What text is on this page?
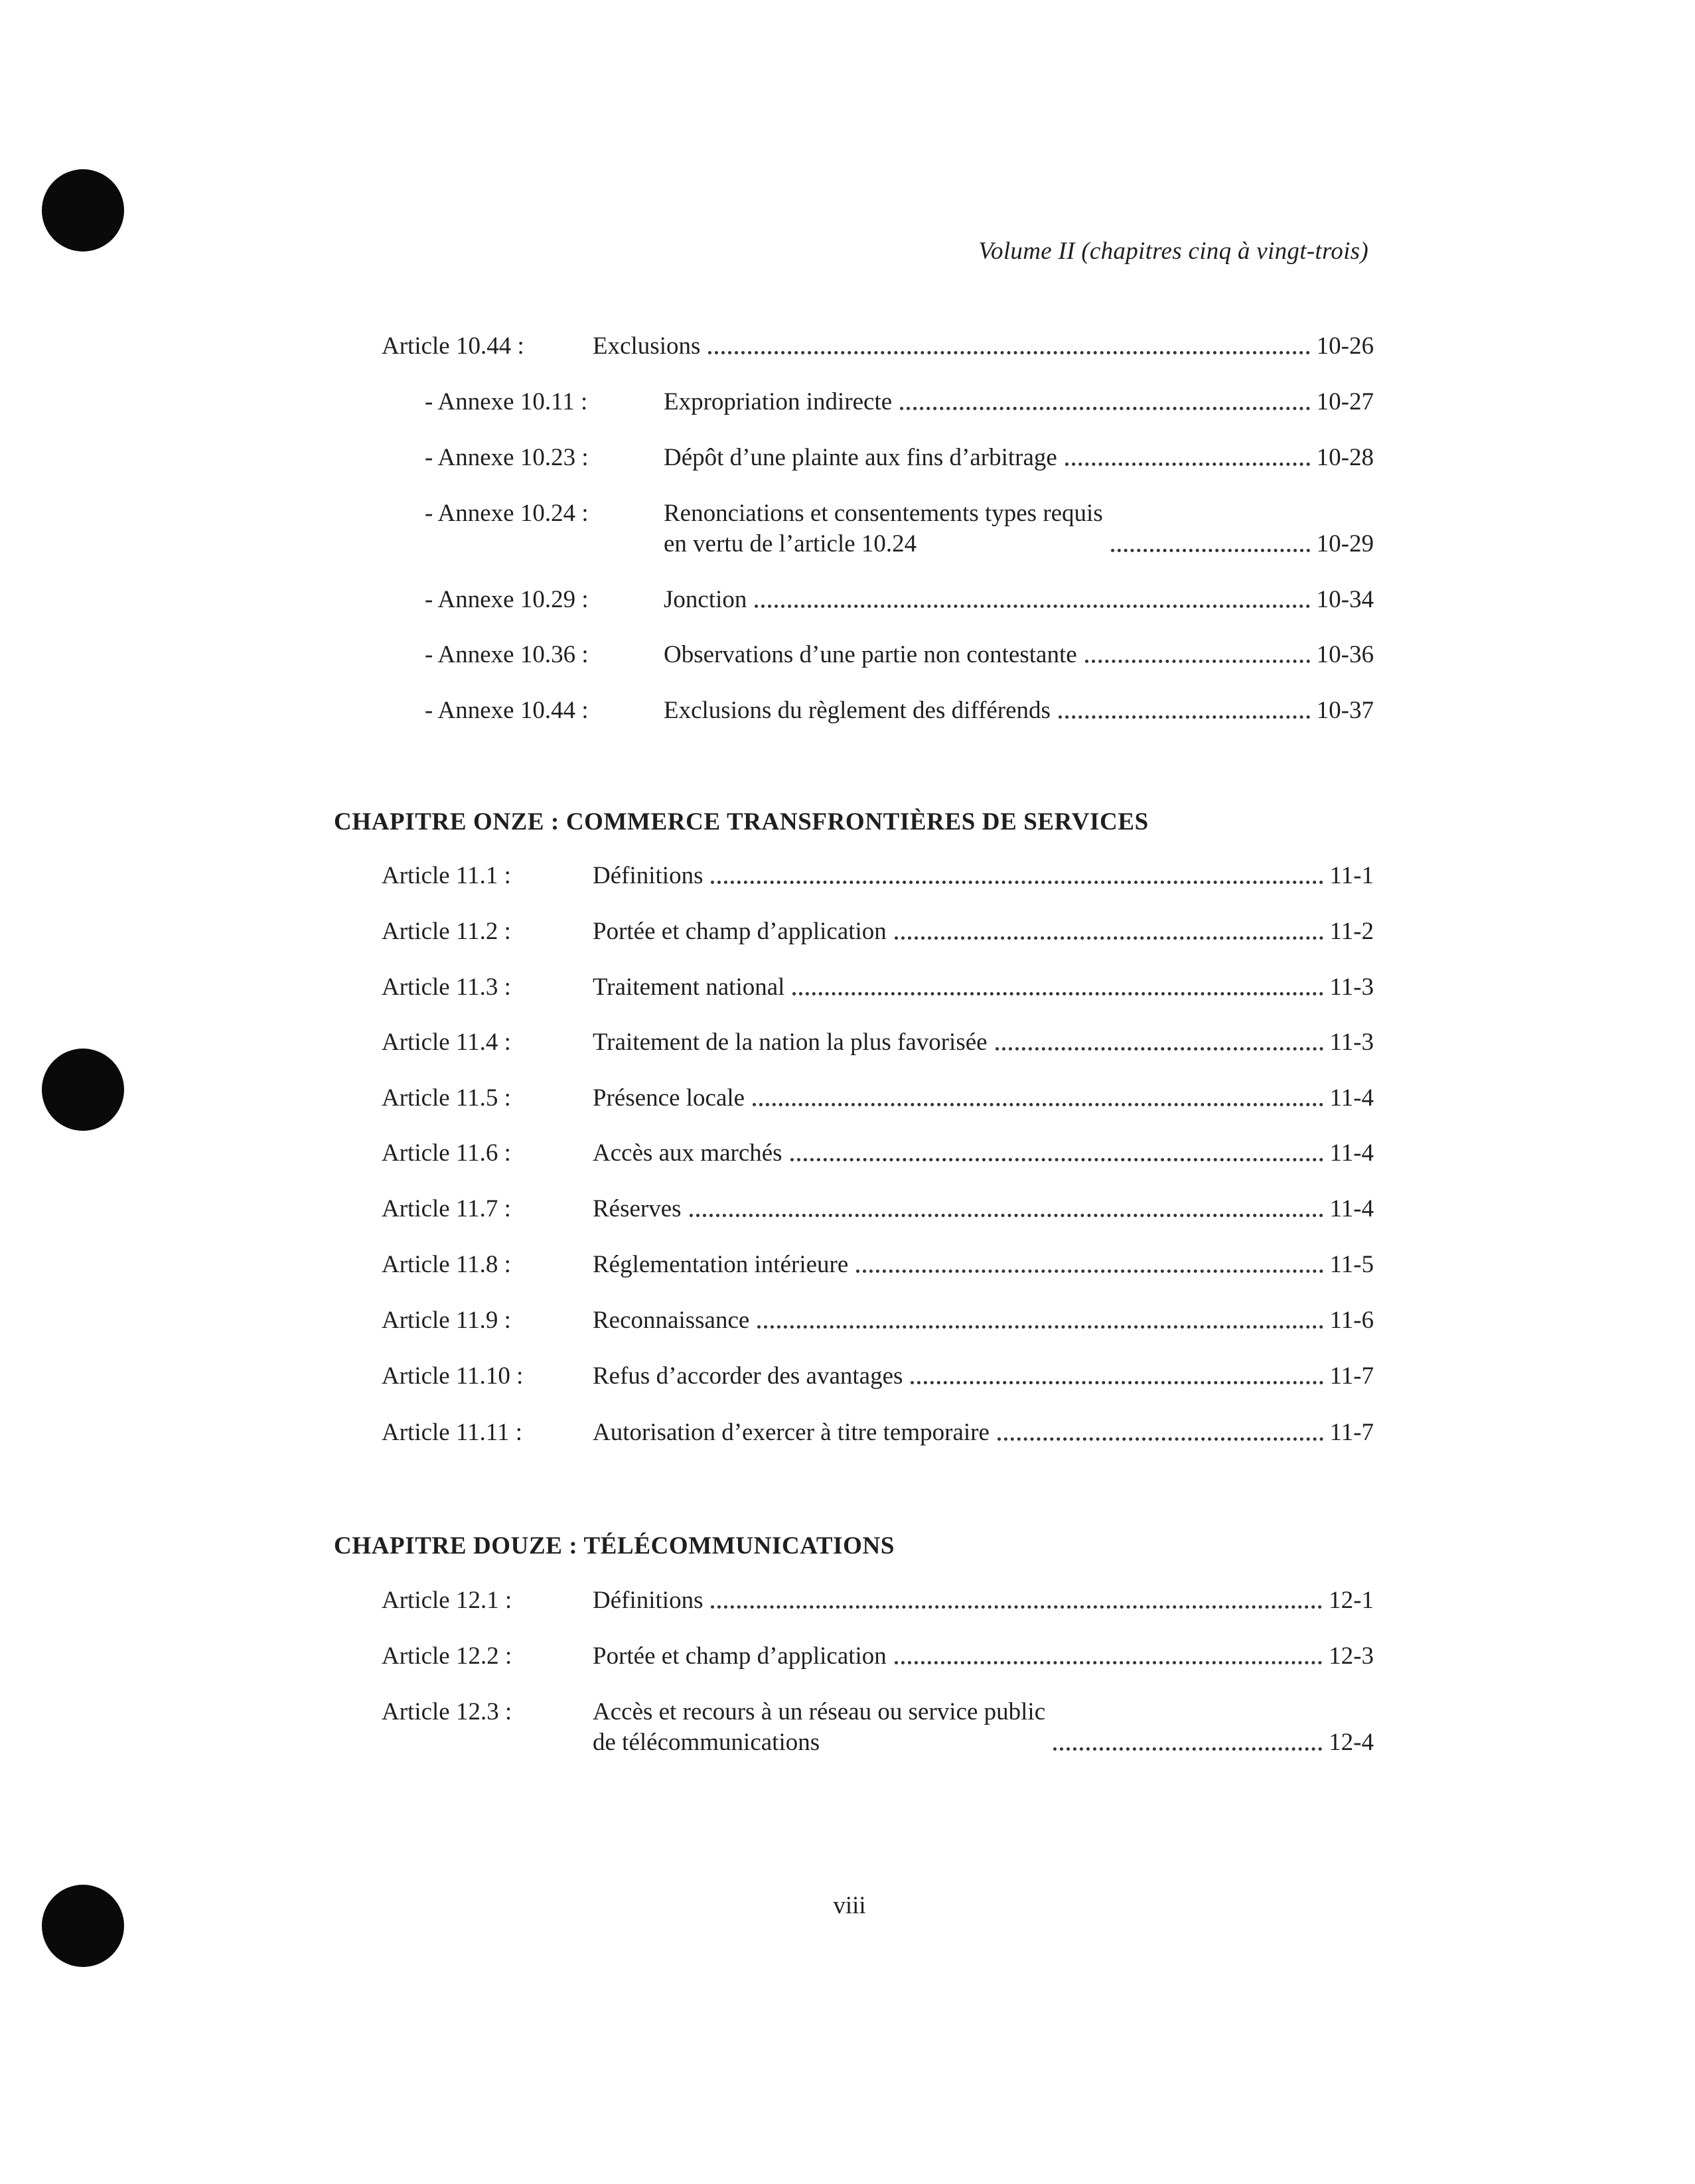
Volume II (chapitres cinq à vingt-trois)
Article 10.44 :	Exclusions	10-26
- Annexe 10.11 :	Expropriation indirecte	10-27
- Annexe 10.23 :	Dépôt d’une plainte aux fins d’arbitrage	10-28
- Annexe 10.24 :	Renonciations et consentements types requis
en vertu de l’article 10.24	10-29
- Annexe 10.29 :	Jonction	10-34
- Annexe 10.36 :	Observations d’une partie non contestante	10-36
- Annexe 10.44 :	Exclusions du règlement des différends	10-37
CHAPITRE ONZE : COMMERCE TRANSFRONTIÈRES DE SERVICES
Article 11.1 :	Définitions	11-1
Article 11.2 :	Portée et champ d’application	11-2
Article 11.3 :	Traitement national	11-3
Article 11.4 :	Traitement de la nation la plus favorisée	11-3
Article 11.5 :	Présence locale	11-4
Article 11.6 :	Accès aux marchés	11-4
Article 11.7 :	Réserves	11-4
Article 11.8 :	Réglementation intérieure	11-5
Article 11.9 :	Reconnaissance	11-6
Article 11.10 :	Refus d’accorder des avantages	11-7
Article 11.11 :	Autorisation d’exercer à titre temporaire	11-7
CHAPITRE DOUZE : TÉLÉCOMMUNICATIONS
Article 12.1 :	Définitions	12-1
Article 12.2 :	Portée et champ d’application	12-3
Article 12.3 :	Accès et recours à un réseau ou service public
de télécommunications	12-4
viii
